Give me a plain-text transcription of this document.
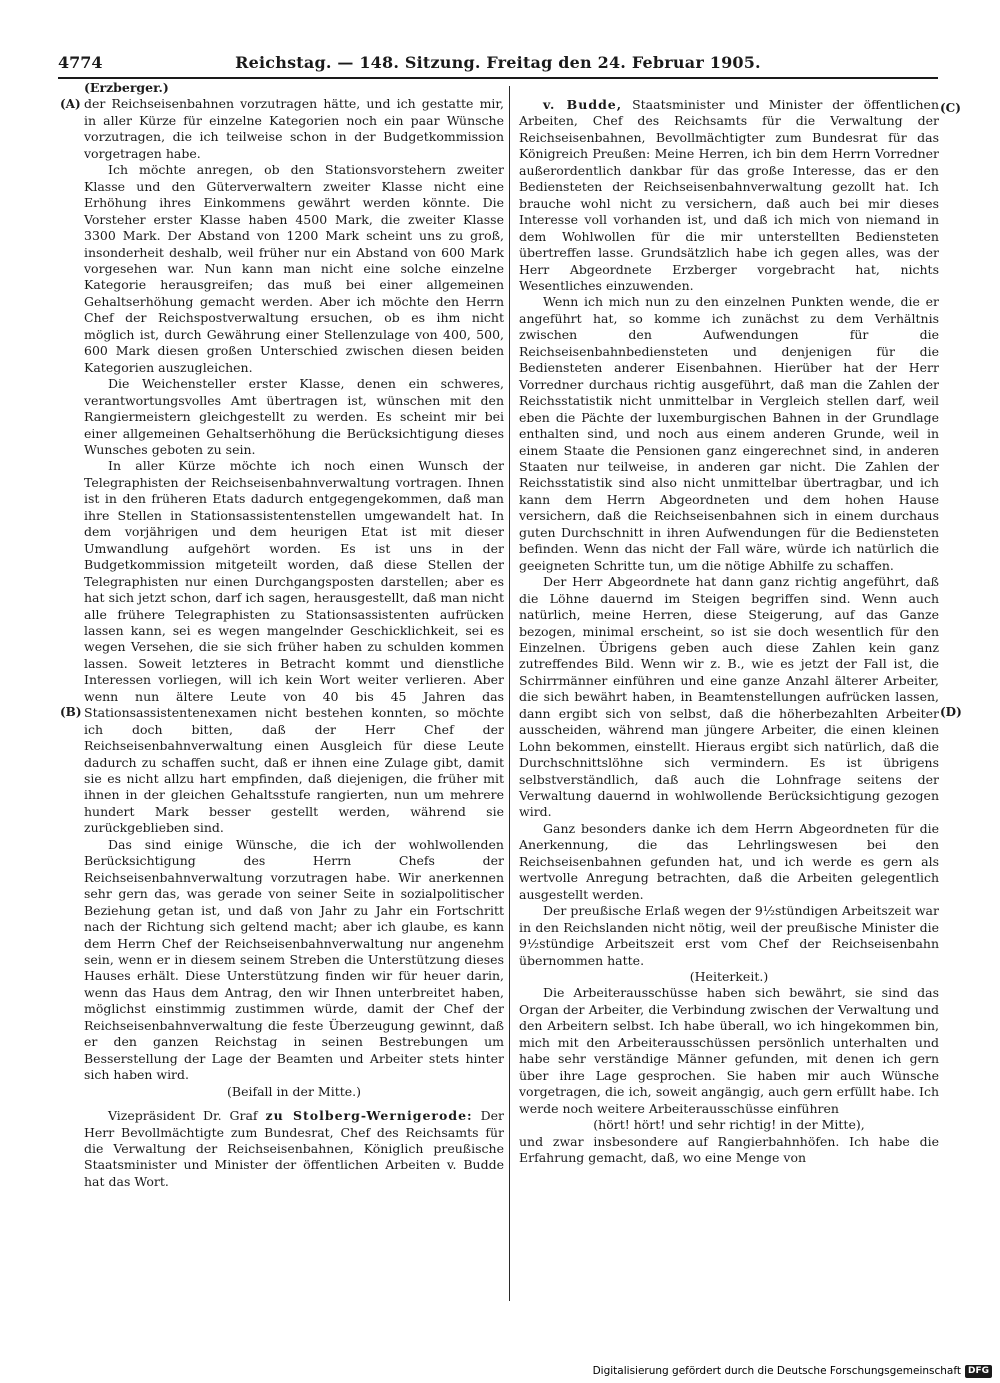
4774	Reichstag. — 148. Sitzung. Freitag den 24. Februar 1905.
(A)
(B)
(C)
(D)

(Erzberger.)

der Reichseisenbahnen vorzutragen hätte, und ich gestatte mir, in aller Kürze für einzelne Kategorien noch ein paar Wünsche vorzutragen, die ich teilweise schon in der Budgetkommission vorgetragen habe.

Ich möchte anregen, ob den Stationsvorstehern zweiter Klasse und den Güterverwaltern zweiter Klasse nicht eine Erhöhung ihres Einkommens gewährt werden könnte. Die Vorsteher erster Klasse haben 4500 Mark, die zweiter Klasse 3300 Mark. Der Abstand von 1200 Mark scheint uns zu groß, insonderheit deshalb, weil früher nur ein Abstand von 600 Mark vorgesehen war. Nun kann man nicht eine solche einzelne Kategorie herausgreifen; das muß bei einer allgemeinen Gehaltserhöhung gemacht werden. Aber ich möchte den Herrn Chef der Reichspostverwaltung ersuchen, ob es ihm nicht möglich ist, durch Gewährung einer Stellenzulage von 400, 500, 600 Mark diesen großen Unterschied zwischen diesen beiden Kategorien auszugleichen.

Die Weichensteller erster Klasse, denen ein schweres, verantwortungsvolles Amt übertragen ist, wünschen mit den Rangiermeistern gleichgestellt zu werden. Es scheint mir bei einer allgemeinen Gehaltserhöhung die Berücksichtigung dieses Wunsches geboten zu sein.

In aller Kürze möchte ich noch einen Wunsch der Telegraphisten der Reichseisenbahnverwaltung vortragen. Ihnen ist in den früheren Etats dadurch entgegengekommen, daß man ihre Stellen in Stationsassistentenstellen umgewandelt hat. In dem vorjährigen und dem heurigen Etat ist mit dieser Umwandlung aufgehört worden. Es ist uns in der Budgetkommission mitgeteilt worden, daß diese Stellen der Telegraphisten nur einen Durchgangsposten darstellen; aber es hat sich jetzt schon, darf ich sagen, herausgestellt, daß man nicht alle frühere Telegraphisten zu Stationsassistenten aufrücken lassen kann, sei es wegen mangelnder Geschicklichkeit, sei es wegen Versehen, die sie sich früher haben zu schulden kommen lassen. Soweit letzteres in Betracht kommt und dienstliche Interessen vorliegen, will ich kein Wort weiter verlieren. Aber wenn nun ältere Leute von 40 bis 45 Jahren das Stationsassistentenexamen nicht bestehen konnten, so möchte ich doch bitten, daß der Herr Chef der Reichseisenbahnverwaltung einen Ausgleich für diese Leute dadurch zu schaffen sucht, daß er ihnen eine Zulage gibt, damit sie es nicht allzu hart empfinden, daß diejenigen, die früher mit ihnen in der gleichen Gehaltsstufe rangierten, nun um mehrere hundert Mark besser gestellt werden, während sie zurückgeblieben sind.

Das sind einige Wünsche, die ich der wohlwollenden Berücksichtigung des Herrn Chefs der Reichseisenbahnverwaltung vorzutragen habe. Wir anerkennen sehr gern das, was gerade von seiner Seite in sozialpolitischer Beziehung getan ist, und daß von Jahr zu Jahr ein Fortschritt nach der Richtung sich geltend macht; aber ich glaube, es kann dem Herrn Chef der Reichseisenbahnverwaltung nur angenehm sein, wenn er in diesem seinem Streben die Unterstützung dieses Hauses erhält. Diese Unterstützung finden wir für heuer darin, wenn das Haus dem Antrag, den wir Ihnen unterbreitet haben, möglichst einstimmig zustimmen würde, damit der Chef der Reichseisenbahnverwaltung die feste Überzeugung gewinnt, daß er den ganzen Reichstag in seinen Bestrebungen um Besserstellung der Lage der Beamten und Arbeiter stets hinter sich haben wird.

(Beifall in der Mitte.)

Vizepräsident Dr. Graf zu Stolberg-Wernigerode: Der Herr Bevollmächtigte zum Bundesrat, Chef des Reichsamts für die Verwaltung der Reichseisenbahnen, Königlich preußische Staatsminister und Minister der öffentlichen Arbeiten v. Budde hat das Wort.

v. Budde, Staatsminister und Minister der öffentlichen Arbeiten, Chef des Reichsamts für die Verwaltung der Reichseisenbahnen, Bevollmächtigter zum Bundesrat für das Königreich Preußen: Meine Herren, ich bin dem Herrn Vorredner außerordentlich dankbar für das große Interesse, das er den Bediensteten der Reichseisenbahnverwaltung gezollt hat. Ich brauche wohl nicht zu versichern, daß auch bei mir dieses Interesse voll vorhanden ist, und daß ich mich von niemand in dem Wohlwollen für die mir unterstellten Bediensteten übertreffen lasse. Grundsätzlich habe ich gegen alles, was der Herr Abgeordnete Erzberger vorgebracht hat, nichts Wesentliches einzuwenden.

Wenn ich mich nun zu den einzelnen Punkten wende, die er angeführt hat, so komme ich zunächst zu dem Verhältnis zwischen den Aufwendungen für die Reichseisenbahnbediensteten und denjenigen für die Bediensteten anderer Eisenbahnen. Hierüber hat der Herr Vorredner durchaus richtig ausgeführt, daß man die Zahlen der Reichsstatistik nicht unmittelbar in Vergleich stellen darf, weil eben die Pächte der luxemburgischen Bahnen in der Grundlage enthalten sind, und noch aus einem anderen Grunde, weil in einem Staate die Pensionen ganz eingerechnet sind, in anderen Staaten nur teilweise, in anderen gar nicht. Die Zahlen der Reichsstatistik sind also nicht unmittelbar übertragbar, und ich kann dem Herrn Abgeordneten und dem hohen Hause versichern, daß die Reichseisenbahnen sich in einem durchaus guten Durchschnitt in ihren Aufwendungen für die Bediensteten befinden. Wenn das nicht der Fall wäre, würde ich natürlich die geeigneten Schritte tun, um die nötige Abhilfe zu schaffen.

Der Herr Abgeordnete hat dann ganz richtig angeführt, daß die Löhne dauernd im Steigen begriffen sind. Wenn auch natürlich, meine Herren, diese Steigerung, auf das Ganze bezogen, minimal erscheint, so ist sie doch wesentlich für den Einzelnen. Übrigens geben auch diese Zahlen kein ganz zutreffendes Bild. Wenn wir z. B., wie es jetzt der Fall ist, die Schirrmänner einführen und eine ganze Anzahl älterer Arbeiter, die sich bewährt haben, in Beamtenstellungen aufrücken lassen, dann ergibt sich von selbst, daß die höherbezahlten Arbeiter ausscheiden, während man jüngere Arbeiter, die einen kleinen Lohn bekommen, einstellt. Hieraus ergibt sich natürlich, daß die Durchschnittslöhne sich vermindern. Es ist übrigens selbstverständlich, daß auch die Lohnfrage seitens der Verwaltung dauernd in wohlwollende Berücksichtigung gezogen wird.

Ganz besonders danke ich dem Herrn Abgeordneten für die Anerkennung, die das Lehrlingswesen bei den Reichseisenbahnen gefunden hat, und ich werde es gern als wertvolle Anregung betrachten, daß die Arbeiten gelegentlich ausgestellt werden.

Der preußische Erlaß wegen der 9½stündigen Arbeitszeit war in den Reichslanden nicht nötig, weil der preußische Minister die 9½stündige Arbeitszeit erst vom Chef der Reichseisenbahn übernommen hatte.

(Heiterkeit.)

Die Arbeiterausschüsse haben sich bewährt, sie sind das Organ der Arbeiter, die Verbindung zwischen der Verwaltung und den Arbeitern selbst. Ich habe überall, wo ich hingekommen bin, mich mit den Arbeiterausschüssen persönlich unterhalten und habe sehr verständige Männer gefunden, mit denen ich gern über ihre Lage gesprochen. Sie haben mir auch Wünsche vorgetragen, die ich, soweit angängig, auch gern erfüllt habe. Ich werde noch weitere Arbeiterausschüsse einführen

(hört! hört! und sehr richtig! in der Mitte),

und zwar insbesondere auf Rangierbahnhöfen. Ich habe die Erfahrung gemacht, daß, wo eine Menge von

Digitalisierung gefördert durch die Deutsche Forschungsgemeinschaft DFG
